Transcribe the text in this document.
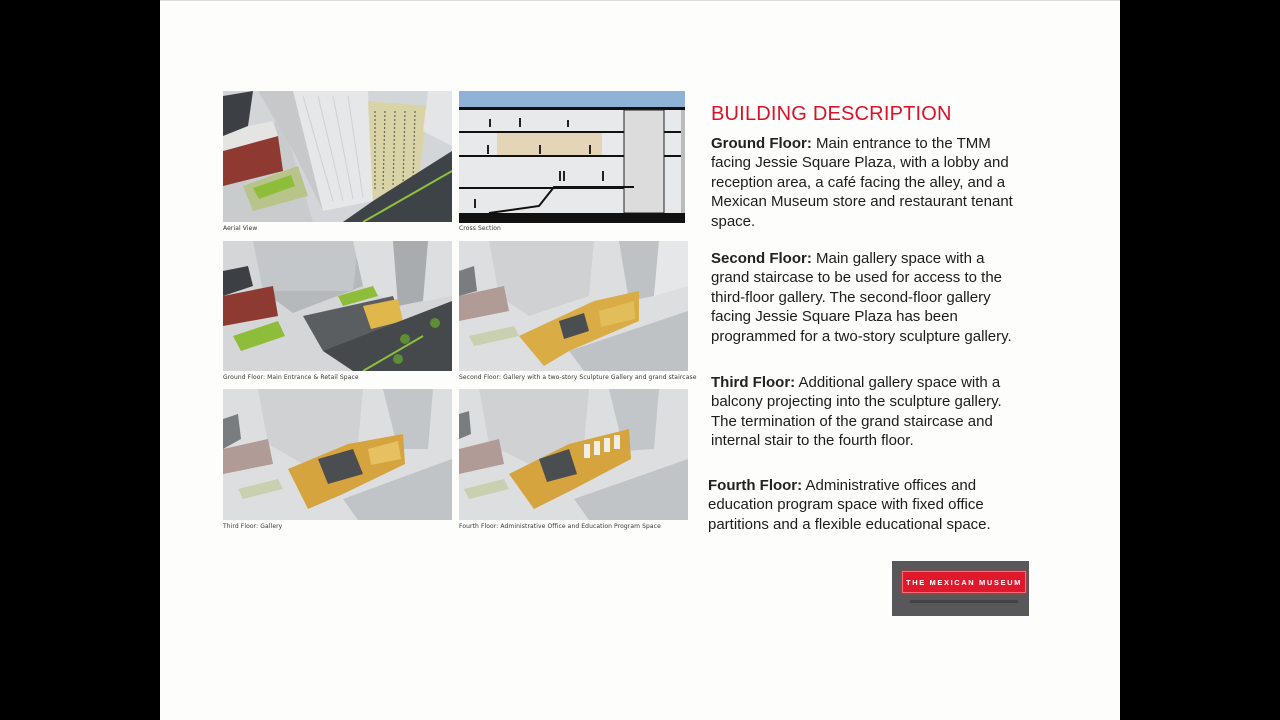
Aerial View	Cross Section
Ground Floor: Main Entrance & Retail Space	Second Floor: Gallery with a two-story Sculpture Gallery and grand staircase
Third Floor: Gallery	Fourth Floor: Administrative Office and Education Program Space
BUILDING DESCRIPTION
Ground Floor: Main entrance to the TMM facing Jessie Square Plaza, with a lobby and reception area, a café facing the alley, and a Mexican Museum store and restaurant tenant space.
Second Floor: Main gallery space with a grand staircase to be used for access to the third-floor gallery. The second-floor gallery facing Jessie Square Plaza has been programmed for a two-story sculpture gallery.
Third Floor: Additional gallery space with a balcony projecting into the sculpture gallery. The termination of the grand staircase and internal stair to the fourth floor.
Fourth Floor: Administrative offices and education program space with fixed office partitions and a flexible educational space.
THE MEXICAN MUSEUM
